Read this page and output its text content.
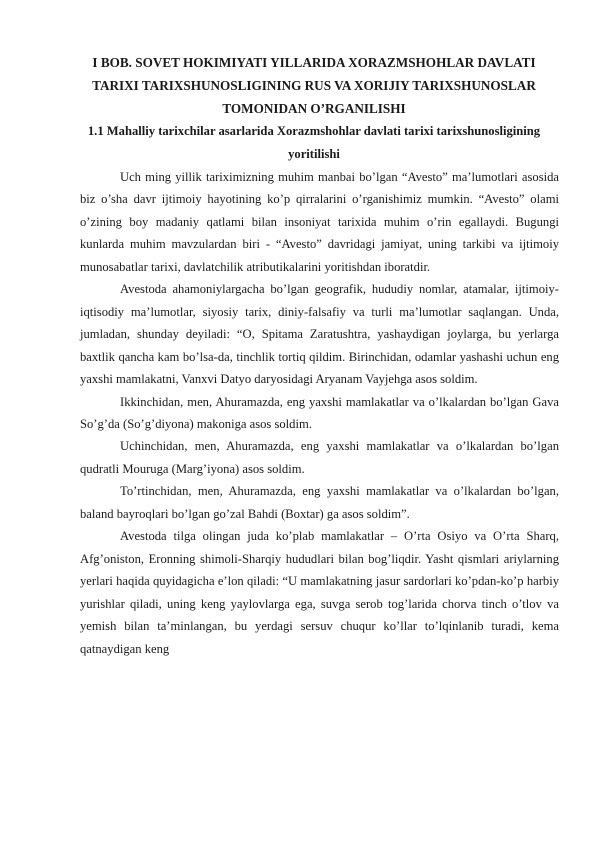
I BOB. SOVET HOKIMIYATI YILLARIDA XORAZMSHOHLAR DAVLATI TARIXI TARIXSHUNOSLIGINING RUS VA XORIJIY TARIXSHUNOSLAR TOMONIDAN O’RGANILISHI
1.1 Mahalliy tarixchilar asarlarida Xorazmshohlar davlati tarixi tarixshunosligining yoritilishi

Uch ming yillik tariximizning muhim manbai bo’lgan “Avesto” ma’lumotlari asosida biz o’sha davr ijtimoiy hayotining ko’p qirralarini o’rganishimiz mumkin. “Avesto” olami o’zining boy madaniy qatlami bilan insoniyat tarixida muhim o’rin egallaydi. Bugungi kunlarda muhim mavzulardan biri - “Avesto” davridagi jamiyat, uning tarkibi va ijtimoiy munosabatlar tarixi, davlatchilik atributikalarini yoritishdan iboratdir.

Avestoda ahamoniylargacha bo’lgan geografik, hududiy nomlar, atamalar, ijtimoiy-iqtisodiy ma’lumotlar, siyosiy tarix, diniy-falsafiy va turli ma’lumotlar saqlangan. Unda, jumladan, shunday deyiladi: “O, Spitama Zaratushtra, yashaydigan joylarga, bu yerlarga baxtlik qancha kam bo’lsa-da, tinchlik tortiq qildim. Birinchidan, odamlar yashashi uchun eng yaxshi mamlakatni, Vanxvi Datyo daryosidagi Aryanam Vayjehga asos soldim.

Ikkinchidan, men, Ahuramazda, eng yaxshi mamlakatlar va o’lkalardan bo’lgan Gava So’g’da (So’g’diyona) makoniga asos soldim.

Uchinchidan, men, Ahuramazda, eng yaxshi mamlakatlar va o’lkalardan bo’lgan qudratli Mouruga (Marg’iyona) asos soldim.

To’rtinchidan, men, Ahuramazda, eng yaxshi mamlakatlar va o’lkalardan bo’lgan, baland bayroqlari bo’lgan go’zal Bahdi (Boxtar) ga asos soldim”.

Avestoda tilga olingan juda ko’plab mamlakatlar – O’rta Osiyo va O’rta Sharq, Afg’oniston, Eronning shimoli-Sharqiy hududlari bilan bog’liqdir. Yasht qismlari ariylarning yerlari haqida quyidagicha e’lon qiladi: “U mamlakatning jasur sardorlari ko’pdan-ko’p harbiy yurishlar qiladi, uning keng yaylovlarga ega, suvga serob tog’larida chorva tinch o’tlov va yemish bilan ta’minlangan, bu yerdagi sersuv chuqur ko’llar to’lqinlanib turadi, kema qatnaydigan keng
